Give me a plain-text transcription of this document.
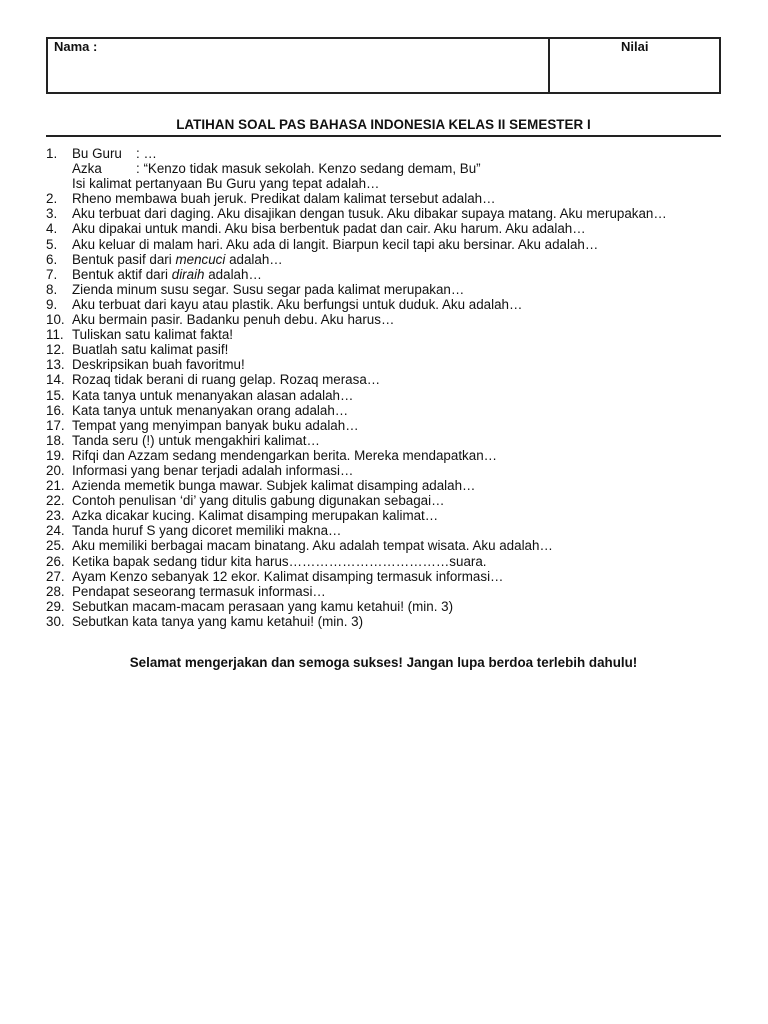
Nama :	Nilai
LATIHAN SOAL PAS BAHASA INDONESIA KELAS II SEMESTER I
1.	Bu Guru : …
Azka	: “Kenzo tidak masuk sekolah. Kenzo sedang demam, Bu”
Isi kalimat pertanyaan Bu Guru yang tepat adalah…
2.	Rheno membawa buah jeruk. Predikat dalam kalimat tersebut adalah…
3.	Aku terbuat dari daging. Aku disajikan dengan tusuk. Aku dibakar supaya matang. Aku merupakan…
4.	Aku dipakai untuk mandi. Aku bisa berbentuk padat dan cair. Aku harum. Aku adalah…
5.	Aku keluar di malam hari. Aku ada di langit. Biarpun kecil tapi aku bersinar. Aku adalah…
6.	Bentuk pasif dari mencuci adalah…
7.	Bentuk aktif dari diraih adalah…
8.	Zienda minum susu segar. Susu segar pada kalimat merupakan…
9.	Aku terbuat dari kayu atau plastik. Aku berfungsi untuk duduk. Aku adalah…
10. Aku bermain pasir. Badanku penuh debu. Aku harus…
11. Tuliskan satu kalimat fakta!
12. Buatlah satu kalimat pasif!
13. Deskripsikan buah favoritmu!
14. Rozaq tidak berani di ruang gelap. Rozaq merasa…
15. Kata tanya untuk menanyakan alasan adalah…
16. Kata tanya untuk menanyakan orang adalah…
17. Tempat yang menyimpan banyak buku adalah…
18. Tanda seru (!) untuk mengakhiri kalimat…
19. Rifqi dan Azzam sedang mendengarkan berita. Mereka mendapatkan…
20. Informasi yang benar terjadi adalah informasi…
21. Azienda memetik bunga mawar. Subjek kalimat disamping adalah…
22. Contoh penulisan ‘di’ yang ditulis gabung digunakan sebagai…
23. Azka dicakar kucing. Kalimat disamping merupakan kalimat…
24. Tanda huruf S yang dicoret memiliki makna…
25. Aku memiliki berbagai macam binatang. Aku adalah tempat wisata. Aku adalah…
26. Ketika bapak sedang tidur kita harus………………………………suara.
27. Ayam Kenzo sebanyak 12 ekor. Kalimat disamping termasuk informasi…
28. Pendapat seseorang termasuk informasi…
29. Sebutkan macam-macam perasaan yang kamu ketahui! (min. 3)
30. Sebutkan kata tanya yang kamu ketahui! (min. 3)
Selamat mengerjakan dan semoga sukses! Jangan lupa berdoa terlebih dahulu!
